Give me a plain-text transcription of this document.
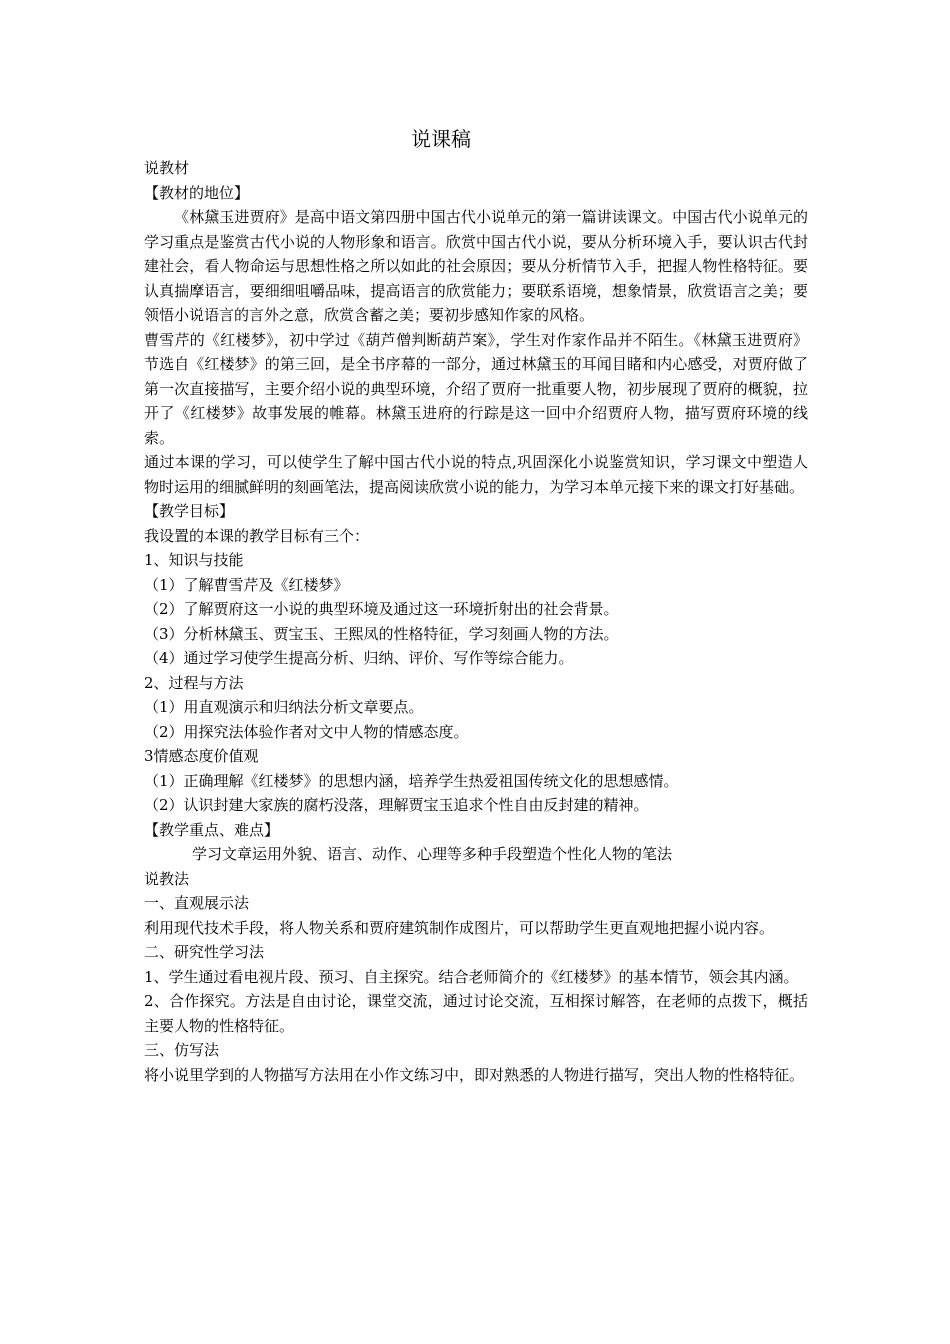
说课稿

说教材

【教材的地位】

《林黛玉进贾府》是高中语文第四册中国古代小说单元的第一篇讲读课文。中国古代小说单元的学习重点是鉴赏古代小说的人物形象和语言。欣赏中国古代小说，要从分析环境入手，要认识古代封建社会，看人物命运与思想性格之所以如此的社会原因；要从分析情节入手，把握人物性格特征。要认真揣摩语言，要细细咀嚼品味，提高语言的欣赏能力；要联系语境，想象情景，欣赏语言之美；要领悟小说语言的言外之意，欣赏含蓄之美；要初步感知作家的风格。

曹雪芹的《红楼梦》，初中学过《葫芦僧判断葫芦案》，学生对作家作品并不陌生。《林黛玉进贾府》节选自《红楼梦》的第三回，是全书序幕的一部分，通过林黛玉的耳闻目睹和内心感受，对贾府做了第一次直接描写，主要介绍小说的典型环境，介绍了贾府一批重要人物，初步展现了贾府的概貌，拉开了《红楼梦》故事发展的帷幕。林黛玉进府的行踪是这一回中介绍贾府人物，描写贾府环境的线索。

通过本课的学习，可以使学生了解中国古代小说的特点,巩固深化小说鉴赏知识，学习课文中塑造人物时运用的细腻鲜明的刻画笔法，提高阅读欣赏小说的能力，为学习本单元接下来的课文打好基础。

【教学目标】

我设置的本课的教学目标有三个：

1、知识与技能

（1）了解曹雪芹及《红楼梦》

（2）了解贾府这一小说的典型环境及通过这一环境折射出的社会背景。

（3）分析林黛玉、贾宝玉、王熙凤的性格特征，学习刻画人物的方法。

（4）通过学习使学生提高分析、归纳、评价、写作等综合能力。

2、过程与方法

（1）用直观演示和归纳法分析文章要点。

（2）用探究法体验作者对文中人物的情感态度。

3情感态度价值观

（1）正确理解《红楼梦》的思想内涵，培养学生热爱祖国传统文化的思想感情。

（2）认识封建大家族的腐朽没落，理解贾宝玉追求个性自由反封建的精神。

【教学重点、难点】

学习文章运用外貌、语言、动作、心理等多种手段塑造个性化人物的笔法

说教法

一、直观展示法

利用现代技术手段，将人物关系和贾府建筑制作成图片，可以帮助学生更直观地把握小说内容。

二、研究性学习法

1、学生通过看电视片段、预习、自主探究。结合老师简介的《红楼梦》的基本情节，领会其内涵。

2、合作探究。方法是自由讨论，课堂交流，通过讨论交流，互相探讨解答，在老师的点拨下，概括主要人物的性格特征。

三、仿写法

将小说里学到的人物描写方法用在小作文练习中，即对熟悉的人物进行描写，突出人物的性格特征。
